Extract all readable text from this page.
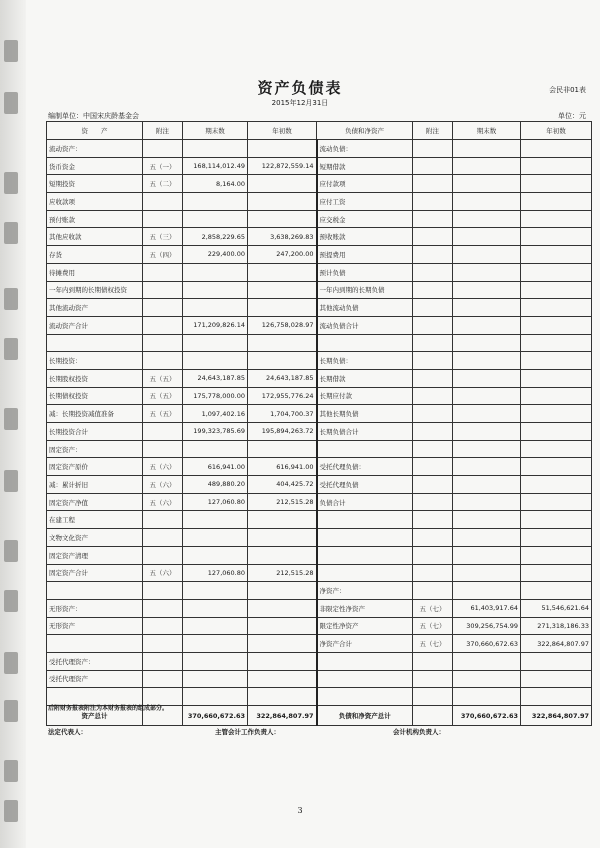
资产负债表	会民非01表
2015年12月31日
编制单位：中国宋庆龄基金会	单位：元
资　　产	附注	期末数	年初数	负债和净资产	附注	期末数	年初数
流动资产：				流动负债：			
货币资金	五（一）	168,114,012.49	122,872,559.14	短期借款			
短期投资	五（二）	8,164.00		应付款项			
应收款项				应付工资			
预付账款				应交税金			
其他应收款	五（三）	2,858,229.65	3,638,269.83	预收账款			
存货	五（四）	229,400.00	247,200.00	预提费用			
待摊费用				预计负债			
一年内到期的长期债权投资				一年内到期的长期负债			
其他流动资产				其他流动负债			
流动资产合计		171,209,826.14	126,758,028.97	流动负债合计			

长期投资：				长期负债：			
长期股权投资	五（五）	24,643,187.85	24,643,187.85	长期借款			
长期债权投资	五（五）	175,778,000.00	172,955,776.24	长期应付款			
减：长期投资减值准备	五（五）	1,097,402.16	1,704,700.37	其他长期负债			
长期投资合计		199,323,785.69	195,894,263.72	长期负债合计			
固定资产：							
固定资产原价	五（六）	616,941.00	616,941.00	受托代理负债：			
减：累计折旧	五（六）	489,880.20	404,425.72	受托代理负债			
固定资产净值	五（六）	127,060.80	212,515.28	负债合计			
在建工程							
文物文化资产							
固定资产清理							
固定资产合计	五（六）	127,060.80	212,515.28				
				净资产：			
无形资产：				非限定性净资产	五（七）	61,403,917.64	51,546,621.64
无形资产				限定性净资产	五（七）	309,256,754.99	271,318,186.33
				净资产合计	五（七）	370,660,672.63	322,864,807.97
受托代理资产：							
受托代理资产							

资产总计		370,660,672.63	322,864,807.97	负债和净资产总计		370,660,672.63	322,864,807.97
后附财务报表附注为本财务报表的组成部分。
法定代表人：	主管会计工作负责人：	会计机构负责人：
3
